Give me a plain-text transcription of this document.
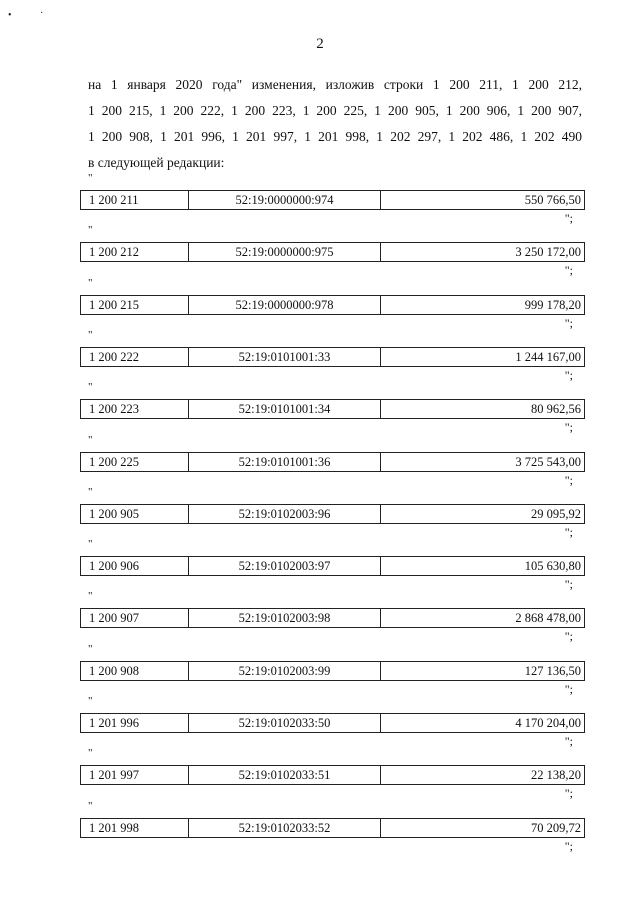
•	·
2
на 1 января 2020 года" изменения, изложив строки 1 200 211, 1 200 212,
1 200 215, 1 200 222, 1 200 223, 1 200 225, 1 200 905, 1 200 906, 1 200 907,
1 200 908, 1 201 996, 1 201 997, 1 201 998, 1 202 297, 1 202 486, 1 202 490
в следующей редакции:
"
1 200 211	52:19:0000000:974	550 766,50
";
"
1 200 212	52:19:0000000:975	3 250 172,00
";
"
1 200 215	52:19:0000000:978	999 178,20
";
"
1 200 222	52:19:0101001:33	1 244 167,00
";
"
1 200 223	52:19:0101001:34	80 962,56
";
"
1 200 225	52:19:0101001:36	3 725 543,00
";
"
1 200 905	52:19:0102003:96	29 095,92
";
"
1 200 906	52:19:0102003:97	105 630,80
";
"
1 200 907	52:19:0102003:98	2 868 478,00
";
"
1 200 908	52:19:0102003:99	127 136,50
";
"
1 201 996	52:19:0102033:50	4 170 204,00
";
"
1 201 997	52:19:0102033:51	22 138,20
";
"
1 201 998	52:19:0102033:52	70 209,72
";
